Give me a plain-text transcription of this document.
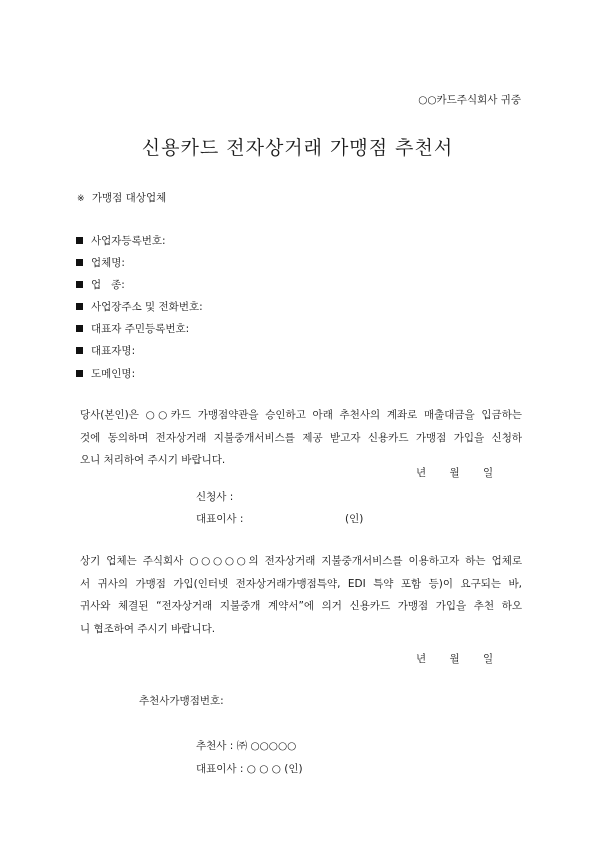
○○카드주식회사 귀중
신용카드 전자상거래 가맹점 추천서
※ 가맹점 대상업체
사업자등록번호:
업체명:
업   종:
사업장주소 및 전화번호:
대표자 주민등록번호:
대표자명:
도메인명:
당사(본인)은 ○○카드 가맹점약관을 승인하고 아래 추천사의 계좌로 매출대금을 입금하는
것에 동의하며 전자상거래 지불중개서비스를 제공 받고자 신용카드 가맹점 가입을 신청하
오니 처리하여 주시기 바랍니다.
년 월 일
신청사 :
대표이사 :	(인)
상기 업체는 주식회사 ○○○○○의 전자상거래 지불중개서비스를 이용하고자 하는 업체로
서 귀사의 가맹점 가입(인터넷 전자상거래가맹점특약, EDI 특약 포함 등)이 요구되는 바,
귀사와 체결된 “전자상거래 지불중개 계약서”에 의거 신용카드 가맹점 가입을 추천 하오
니 협조하여 주시기 바랍니다.
년 월 일
추천사가맹점번호:
추천사 : ㈜ ○○○○○
대표이사 : ○ ○ ○ (인)
